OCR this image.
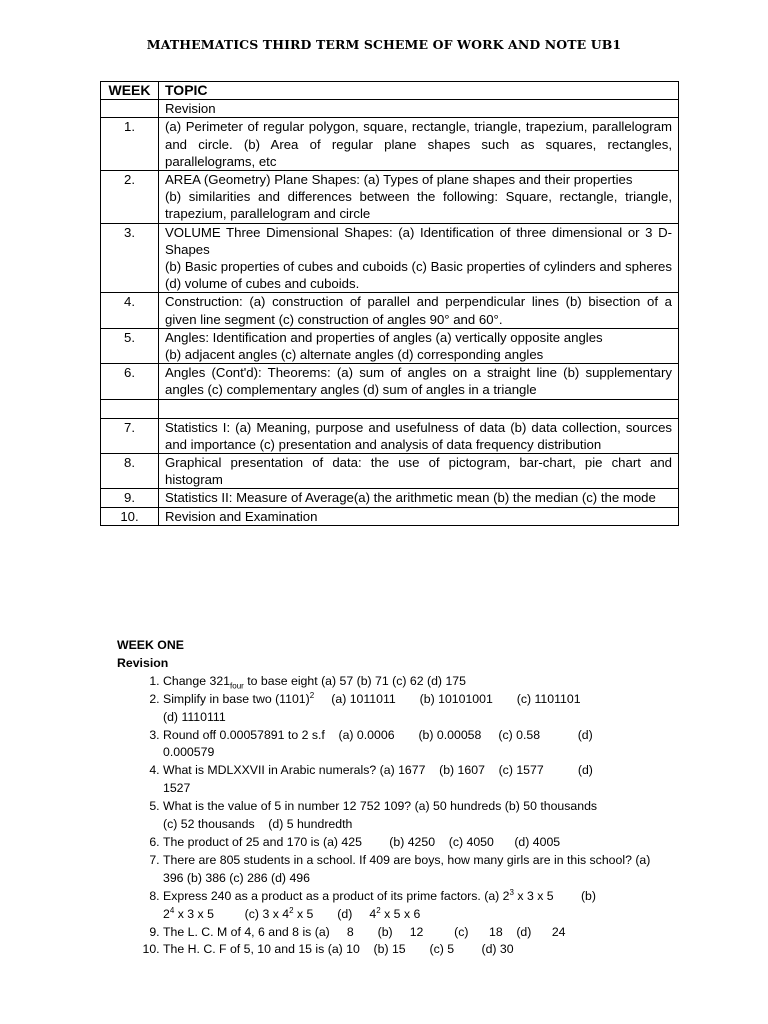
MATHEMATICS THIRD TERM SCHEME OF WORK AND NOTE UB1
WEEK	TOPIC
	Revision
1.	(a) Perimeter of regular polygon, square, rectangle, triangle, trapezium, parallelogram and circle. (b) Area of regular plane shapes such as squares, rectangles, parallelograms, etc
2.	AREA (Geometry) Plane Shapes: (a) Types of plane shapes and their properties
(b) similarities and differences between the following: Square, rectangle, triangle, trapezium, parallelogram and circle

3.	VOLUME Three Dimensional Shapes: (a) Identification of three dimensional or 3 D-Shapes
(b) Basic properties of cubes and cuboids (c) Basic properties of cylinders and spheres (d) volume of cubes and cuboids.

4.	Construction: (a) construction of parallel and perpendicular lines (b) bisection of a given line segment (c) construction of angles 90° and 60°.
5.	Angles: Identification and properties of angles (a) vertically opposite angles
(b) adjacent angles (c) alternate angles (d) corresponding angles

6.	Angles (Cont'd): Theorems: (a) sum of angles on a straight line (b) supplementary angles (c) complementary angles (d) sum of angles in a triangle

7.	Statistics I: (a) Meaning, purpose and usefulness of data (b) data collection, sources and importance (c) presentation and analysis of data frequency distribution
8.	Graphical presentation of data: the use of pictogram, bar-chart, pie chart and histogram
9.	Statistics II: Measure of Average(a) the arithmetic mean (b) the median (c) the mode
10.	Revision and Examination
WEEK ONE
Revision
1. Change $321_{four}$ to base eight (a) 57 (b) 71 (c) 62 (d) 175
2. Simplify in base two $(1101)^2$     (a) 1011011       (b) 10101001       (c) 1101101
(d) 1110111
3. Round off 0.00057891 to 2 s.f    (a) 0.0006       (b) 0.00058     (c) 0.58           (d)
0.000579
4. What is MDLXXVII in Arabic numerals? (a) 1677    (b) 1607    (c) 1577          (d)
1527
5. What is the value of 5 in number 12 752 109? (a) 50 hundreds (b) 50 thousands
(c) 52 thousands    (d) 5 hundredth
6. The product of 25 and 170 is (a) 425        (b) 4250    (c) 4050      (d) 4005
7. There are 805 students in a school. If 409 are boys, how many girls are in this school? (a) 396 (b) 386 (c) 286 (d) 496
8. Express 240 as a product as a product of its prime factors. (a) $2^3$ x 3 x 5        (b)
$2^4$ x 3 x 5         (c) 3 x $4^2$ x 5       (d)     $4^2$ x 5 x 6
9. The L. C. M of 4, 6 and 8 is (a)     8       (b)     12         (c)      18    (d)      24
10. The H. C. F of 5, 10 and 15 is (a) 10    (b) 15       (c) 5        (d) 30
